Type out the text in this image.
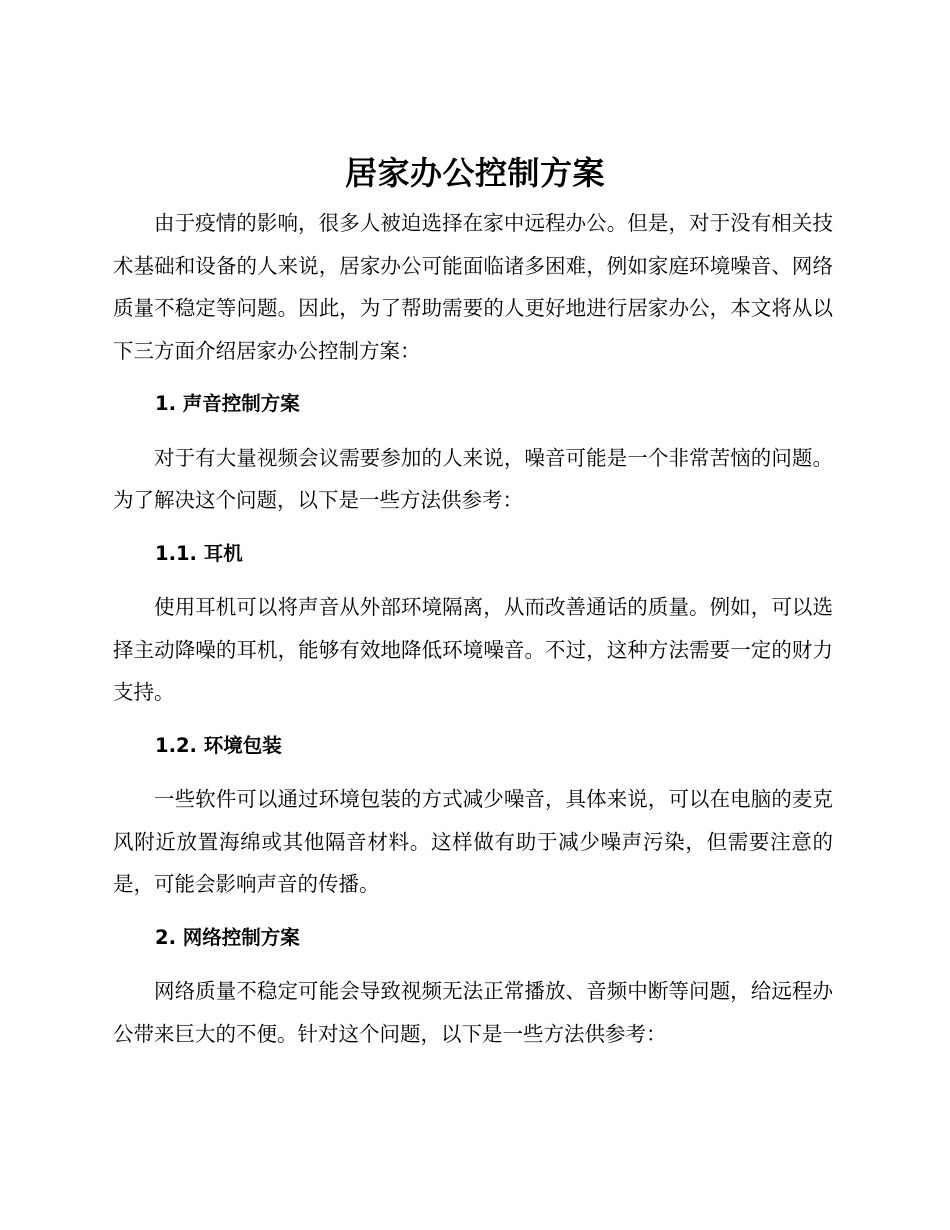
居家办公控制方案

由于疫情的影响，很多人被迫选择在家中远程办公。但是，对于没有相关技术基础和设备的人来说，居家办公可能面临诸多困难，例如家庭环境噪音、网络质量不稳定等问题。因此，为了帮助需要的人更好地进行居家办公，本文将从以下三方面介绍居家办公控制方案：

1. 声音控制方案

对于有大量视频会议需要参加的人来说，噪音可能是一个非常苦恼的问题。为了解决这个问题，以下是一些方法供参考：

1.1. 耳机

使用耳机可以将声音从外部环境隔离，从而改善通话的质量。例如，可以选择主动降噪的耳机，能够有效地降低环境噪音。不过，这种方法需要一定的财力支持。

1.2. 环境包装

一些软件可以通过环境包装的方式减少噪音，具体来说，可以在电脑的麦克风附近放置海绵或其他隔音材料。这样做有助于减少噪声污染，但需要注意的是，可能会影响声音的传播。

2. 网络控制方案

网络质量不稳定可能会导致视频无法正常播放、音频中断等问题，给远程办公带来巨大的不便。针对这个问题，以下是一些方法供参考：
